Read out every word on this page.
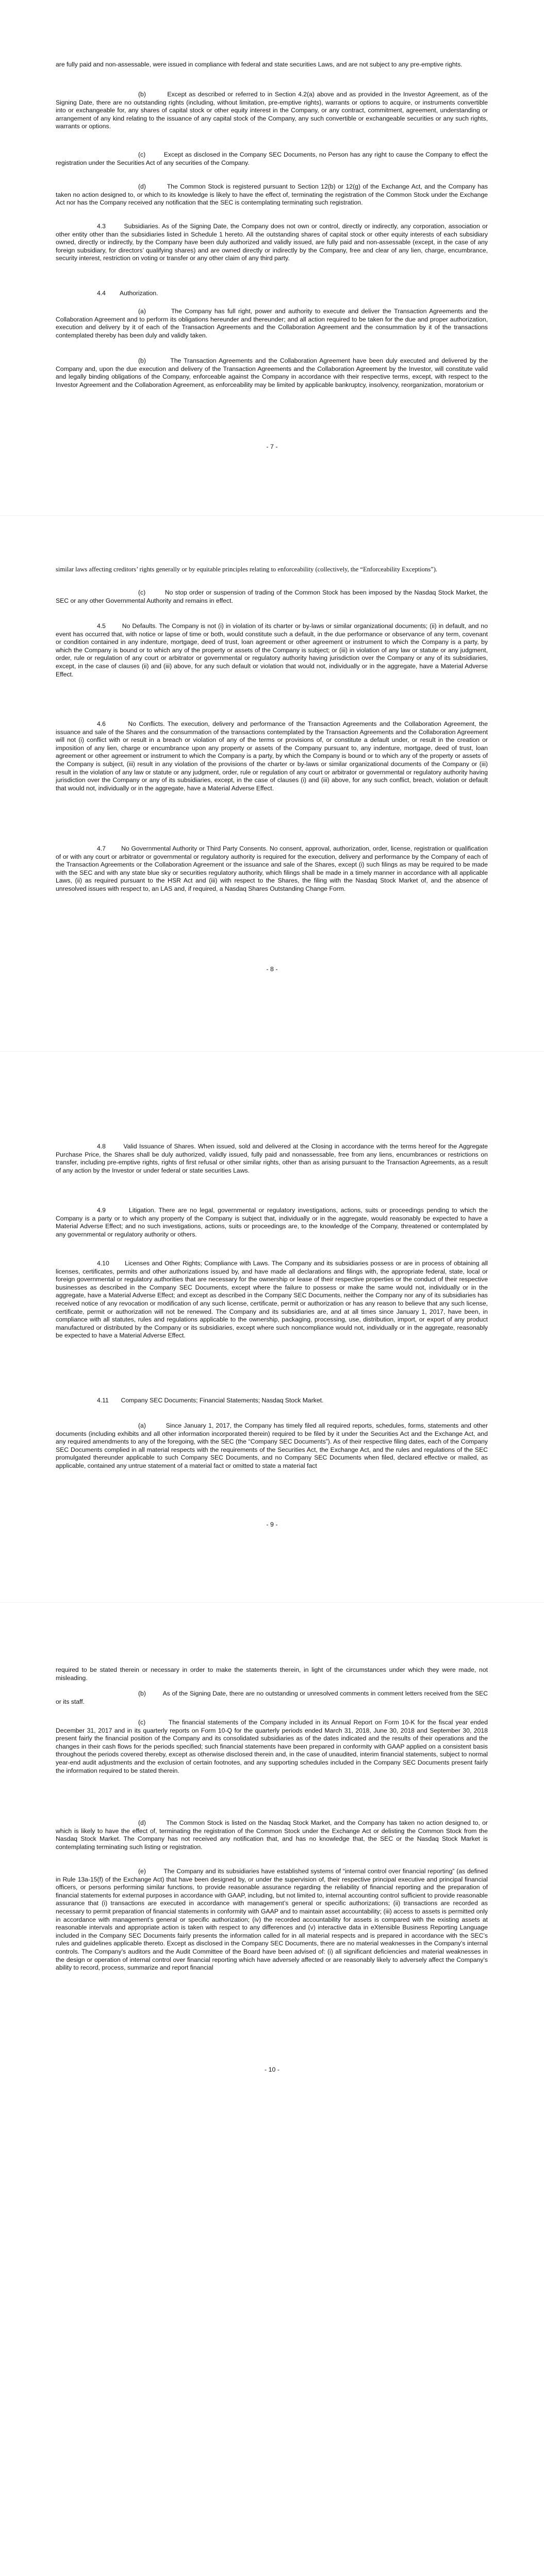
are fully paid and non-assessable, were issued in compliance with federal and state securities Laws, and are not subject to any pre-emptive rights.

(b)         Except as described or referred to in Section 4.2(a) above and as provided in the Investor Agreement, as of the Signing Date, there are no outstanding rights (including, without limitation, pre-emptive rights), warrants or options to acquire, or instruments convertible into or exchangeable for, any shares of capital stock or other equity interest in the Company, or any contract, commitment, agreement, understanding or arrangement of any kind relating to the issuance of any capital stock of the Company, any such convertible or exchangeable securities or any such rights, warrants or options.

(c)         Except as disclosed in the Company SEC Documents, no Person has any right to cause the Company to effect the registration under the Securities Act of any securities of the Company.

(d)         The Common Stock is registered pursuant to Section 12(b) or 12(g) of the Exchange Act, and the Company has taken no action designed to, or which to its knowledge is likely to have the effect of, terminating the registration of the Common Stock under the Exchange Act nor has the Company received any notification that the SEC is contemplating terminating such registration.

4.3        Subsidiaries. As of the Signing Date, the Company does not own or control, directly or indirectly, any corporation, association or other entity other than the subsidiaries listed in Schedule 1 hereto. All the outstanding shares of capital stock or other equity interests of each subsidiary owned, directly or indirectly, by the Company have been duly authorized and validly issued, are fully paid and non-assessable (except, in the case of any foreign subsidiary, for directors’ qualifying shares) and are owned directly or indirectly by the Company, free and clear of any lien, charge, encumbrance, security interest, restriction on voting or transfer or any other claim of any third party.

4.4        Authorization.

(a)         The Company has full right, power and authority to execute and deliver the Transaction Agreements and the Collaboration Agreement and to perform its obligations hereunder and thereunder; and all action required to be taken for the due and proper authorization, execution and delivery by it of each of the Transaction Agreements and the Collaboration Agreement and the consummation by it of the transactions contemplated thereby has been duly and validly taken.

(b)         The Transaction Agreements and the Collaboration Agreement have been duly executed and delivered by the Company and, upon the due execution and delivery of the Transaction Agreements and the Collaboration Agreement by the Investor, will constitute valid and legally binding obligations of the Company, enforceable against the Company in accordance with their respective terms, except, with respect to the Investor Agreement and the Collaboration Agreement, as enforceability may be limited by applicable bankruptcy, insolvency, reorganization, moratorium or

- 7 -

similar laws affecting creditors’ rights generally or by equitable principles relating to enforceability (collectively, the “Enforceability Exceptions”).

(c)         No stop order or suspension of trading of the Common Stock has been imposed by the Nasdaq Stock Market, the SEC or any other Governmental Authority and remains in effect.

4.5        No Defaults. The Company is not (i) in violation of its charter or by-laws or similar organizational documents; (ii) in default, and no event has occurred that, with notice or lapse of time or both, would constitute such a default, in the due performance or observance of any term, covenant or condition contained in any indenture, mortgage, deed of trust, loan agreement or other agreement or instrument to which the Company is a party, by which the Company is bound or to which any of the property or assets of the Company is subject; or (iii) in violation of any law or statute or any judgment, order, rule or regulation of any court or arbitrator or governmental or regulatory authority having jurisdiction over the Company or any of its subsidiaries, except, in the case of clauses (ii) and (iii) above, for any such default or violation that would not, individually or in the aggregate, have a Material Adverse Effect.

4.6        No Conflicts. The execution, delivery and performance of the Transaction Agreements and the Collaboration Agreement, the issuance and sale of the Shares and the consummation of the transactions contemplated by the Transaction Agreements and the Collaboration Agreement will not (i) conflict with or result in a breach or violation of any of the terms or provisions of, or constitute a default under, or result in the creation or imposition of any lien, charge or encumbrance upon any property or assets of the Company pursuant to, any indenture, mortgage, deed of trust, loan agreement or other agreement or instrument to which the Company is a party, by which the Company is bound or to which any of the property or assets of the Company is subject, (iii) result in any violation of the provisions of the charter or by-laws or similar organizational documents of the Company or (iii) result in the violation of any law or statute or any judgment, order, rule or regulation of any court or arbitrator or governmental or regulatory authority having jurisdiction over the Company or any of its subsidiaries, except, in the case of clauses (i) and (iii) above, for any such conflict, breach, violation or default that would not, individually or in the aggregate, have a Material Adverse Effect.

4.7        No Governmental Authority or Third Party Consents. No consent, approval, authorization, order, license, registration or qualification of or with any court or arbitrator or governmental or regulatory authority is required for the execution, delivery and performance by the Company of each of the Transaction Agreements or the Collaboration Agreement or the issuance and sale of the Shares, except (i) such filings as may be required to be made with the SEC and with any state blue sky or securities regulatory authority, which filings shall be made in a timely manner in accordance with all applicable Laws, (ii) as required pursuant to the HSR Act and (iii) with respect to the Shares, the filing with the Nasdaq Stock Market of, and the absence of unresolved issues with respect to, an LAS and, if required, a Nasdaq Shares Outstanding Change Form.

- 8 -

4.8        Valid Issuance of Shares. When issued, sold and delivered at the Closing in accordance with the terms hereof for the Aggregate Purchase Price, the Shares shall be duly authorized, validly issued, fully paid and nonassessable, free from any liens, encumbrances or restrictions on transfer, including pre-emptive rights, rights of first refusal or other similar rights, other than as arising pursuant to the Transaction Agreements, as a result of any action by the Investor or under federal or state securities Laws.

4.9        Litigation. There are no legal, governmental or regulatory investigations, actions, suits or proceedings pending to which the Company is a party or to which any property of the Company is subject that, individually or in the aggregate, would reasonably be expected to have a Material Adverse Effect; and no such investigations, actions, suits or proceedings are, to the knowledge of the Company, threatened or contemplated by any governmental or regulatory authority or others.

4.10       Licenses and Other Rights; Compliance with Laws. The Company and its subsidiaries possess or are in process of obtaining all licenses, certificates, permits and other authorizations issued by, and have made all declarations and filings with, the appropriate federal, state, local or foreign governmental or regulatory authorities that are necessary for the ownership or lease of their respective properties or the conduct of their respective businesses as described in the Company SEC Documents, except where the failure to possess or make the same would not, individually or in the aggregate, have a Material Adverse Effect; and except as described in the Company SEC Documents, neither the Company nor any of its subsidiaries has received notice of any revocation or modification of any such license, certificate, permit or authorization or has any reason to believe that any such license, certificate, permit or authorization will not be renewed. The Company and its subsidiaries are, and at all times since January 1, 2017, have been, in compliance with all statutes, rules and regulations applicable to the ownership, packaging, processing, use, distribution, import, or export of any product manufactured or distributed by the Company or its subsidiaries, except where such noncompliance would not, individually or in the aggregate, reasonably be expected to have a Material Adverse Effect.

4.11       Company SEC Documents; Financial Statements; Nasdaq Stock Market.

(a)         Since January 1, 2017, the Company has timely filed all required reports, schedules, forms, statements and other documents (including exhibits and all other information incorporated therein) required to be filed by it under the Securities Act and the Exchange Act, and any required amendments to any of the foregoing, with the SEC (the “Company SEC Documents”). As of their respective filing dates, each of the Company SEC Documents complied in all material respects with the requirements of the Securities Act, the Exchange Act, and the rules and regulations of the SEC promulgated thereunder applicable to such Company SEC Documents, and no Company SEC Documents when filed, declared effective or mailed, as applicable, contained any untrue statement of a material fact or omitted to state a material fact

- 9 -

required to be stated therein or necessary in order to make the statements therein, in light of the circumstances under which they were made, not misleading.

(b)         As of the Signing Date, there are no outstanding or unresolved comments in comment letters received from the SEC or its staff.

(c)         The financial statements of the Company included in its Annual Report on Form 10-K for the fiscal year ended December 31, 2017 and in its quarterly reports on Form 10-Q for the quarterly periods ended March 31, 2018, June 30, 2018 and September 30, 2018 present fairly the financial position of the Company and its consolidated subsidiaries as of the dates indicated and the results of their operations and the changes in their cash flows for the periods specified; such financial statements have been prepared in conformity with GAAP applied on a consistent basis throughout the periods covered thereby, except as otherwise disclosed therein and, in the case of unaudited, interim financial statements, subject to normal year-end audit adjustments and the exclusion of certain footnotes, and any supporting schedules included in the Company SEC Documents present fairly the information required to be stated therein.

(d)         The Common Stock is listed on the Nasdaq Stock Market, and the Company has taken no action designed to, or which is likely to have the effect of, terminating the registration of the Common Stock under the Exchange Act or delisting the Common Stock from the Nasdaq Stock Market. The Company has not received any notification that, and has no knowledge that, the SEC or the Nasdaq Stock Market is contemplating terminating such listing or registration.

(e)         The Company and its subsidiaries have established systems of “internal control over financial reporting” (as defined in Rule 13a-15(f) of the Exchange Act) that have been designed by, or under the supervision of, their respective principal executive and principal financial officers, or persons performing similar functions, to provide reasonable assurance regarding the reliability of financial reporting and the preparation of financial statements for external purposes in accordance with GAAP, including, but not limited to, internal accounting control sufficient to provide reasonable assurance that (i) transactions are executed in accordance with management’s general or specific authorizations; (ii) transactions are recorded as necessary to permit preparation of financial statements in conformity with GAAP and to maintain asset accountability; (iii) access to assets is permitted only in accordance with management’s general or specific authorization; (iv) the recorded accountability for assets is compared with the existing assets at reasonable intervals and appropriate action is taken with respect to any differences and (v) interactive data in eXtensible Business Reporting Language included in the Company SEC Documents fairly presents the information called for in all material respects and is prepared in accordance with the SEC’s rules and guidelines applicable thereto. Except as disclosed in the Company SEC Documents, there are no material weaknesses in the Company’s internal controls. The Company’s auditors and the Audit Committee of the Board have been advised of: (i) all significant deficiencies and material weaknesses in the design or operation of internal control over financial reporting which have adversely affected or are reasonably likely to adversely affect the Company’s ability to record, process, summarize and report financial

- 10 -
